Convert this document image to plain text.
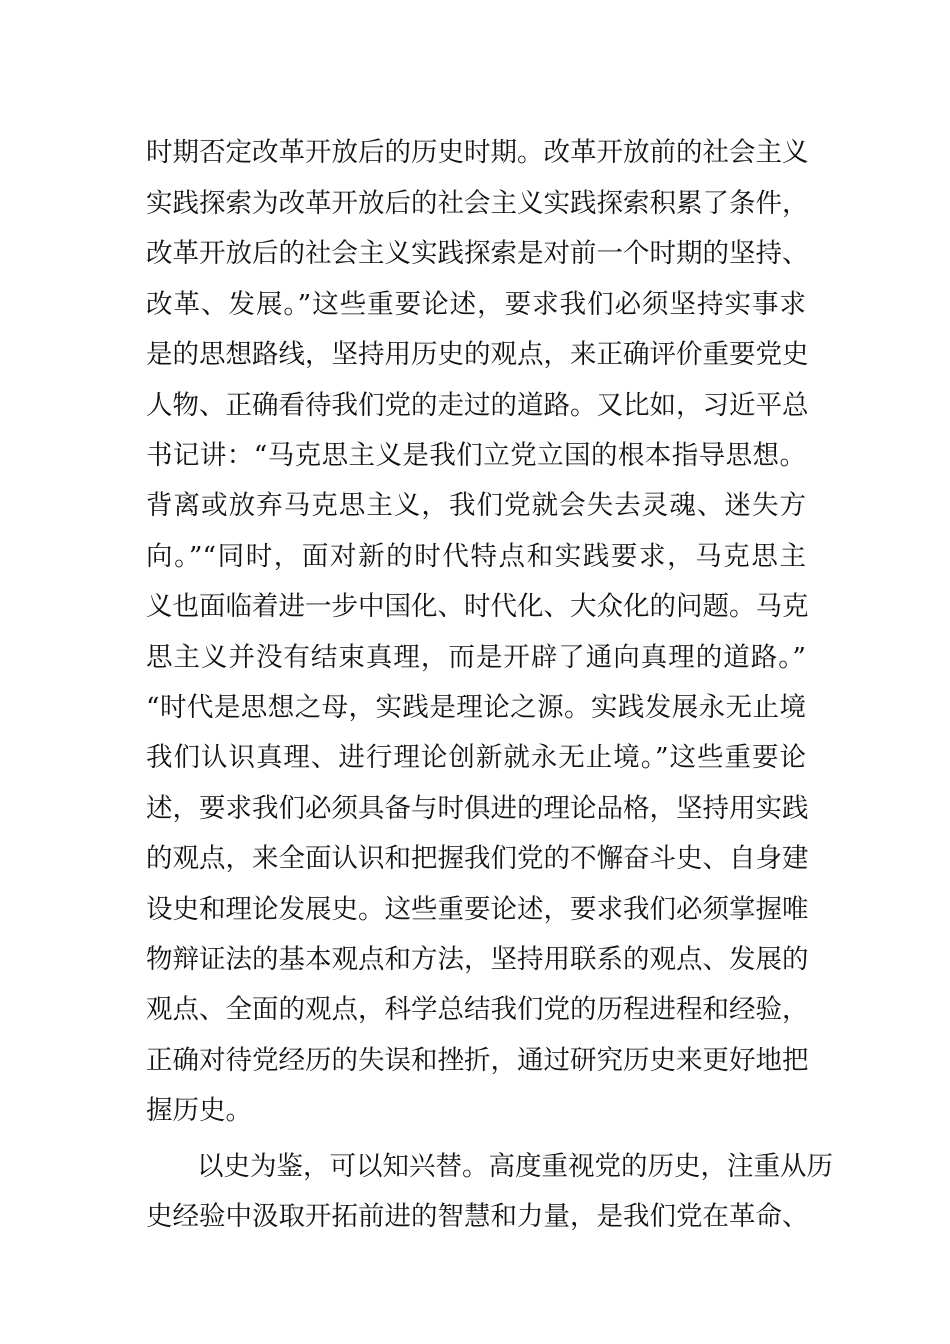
时期否定改革开放后的历史时期。改革开放前的社会主义
实践探索为改革开放后的社会主义实践探索积累了条件，
改革开放后的社会主义实践探索是对前一个时期的坚持、
改革、发展。”这些重要论述，要求我们必须坚持实事求
是的思想路线，坚持用历史的观点，来正确评价重要党史
人物、正确看待我们党的走过的道路。又比如，习近平总
书记讲：“马克思主义是我们立党立国的根本指导思想。
背离或放弃马克思主义，我们党就会失去灵魂、迷失方
向。”“同时，面对新的时代特点和实践要求，马克思主
义也面临着进一步中国化、时代化、大众化的问题。马克
思主义并没有结束真理，而是开辟了通向真理的道路。”
“时代是思想之母，实践是理论之源。实践发展永无止境
我们认识真理、进行理论创新就永无止境。”这些重要论
述，要求我们必须具备与时俱进的理论品格，坚持用实践
的观点，来全面认识和把握我们党的不懈奋斗史、自身建
设史和理论发展史。这些重要论述，要求我们必须掌握唯
物辩证法的基本观点和方法，坚持用联系的观点、发展的
观点、全面的观点，科学总结我们党的历程进程和经验，
正确对待党经历的失误和挫折，通过研究历史来更好地把
握历史。
以史为鉴，可以知兴替。高度重视党的历史，注重从历
史经验中汲取开拓前进的智慧和力量，是我们党在革命、
